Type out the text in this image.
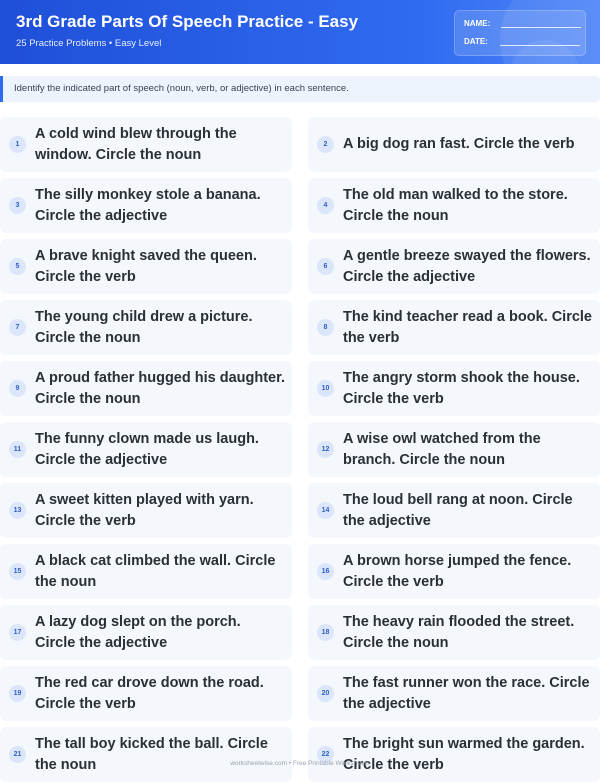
3rd Grade Parts Of Speech Practice - Easy
25 Practice Problems • Easy Level
NAME:
DATE:
Identify the indicated part of speech (noun, verb, or adjective) in each sentence.
1
A cold wind blew through the window. Circle the noun
2	A big dog ran fast. Circle the verb
3
The silly monkey stole a banana. Circle the adjective
4
The old man walked to the store. Circle the noun
5
A brave knight saved the queen. Circle the verb
6
A gentle breeze swayed the flowers. Circle the adjective
7
The young child drew a picture. Circle the noun
8
The kind teacher read a book. Circle the verb
9
A proud father hugged his daughter. Circle the noun
10
The angry storm shook the house. Circle the verb
11
The funny clown made us laugh. Circle the adjective
12
A wise owl watched from the branch. Circle the noun
13
A sweet kitten played with yarn. Circle the verb
14
The loud bell rang at noon. Circle the adjective
15
A black cat climbed the wall. Circle the noun
16
A brown horse jumped the fence. Circle the verb
17
A lazy dog slept on the porch. Circle the adjective
18
The heavy rain flooded the street. Circle the noun
19
The red car drove down the road. Circle the verb
20
The fast runner won the race. Circle the adjective
21
The tall boy kicked the ball. Circle the noun
22
The bright sun warmed the garden. Circle the verb
worksheetwise.com • Free Printable Worksheets
